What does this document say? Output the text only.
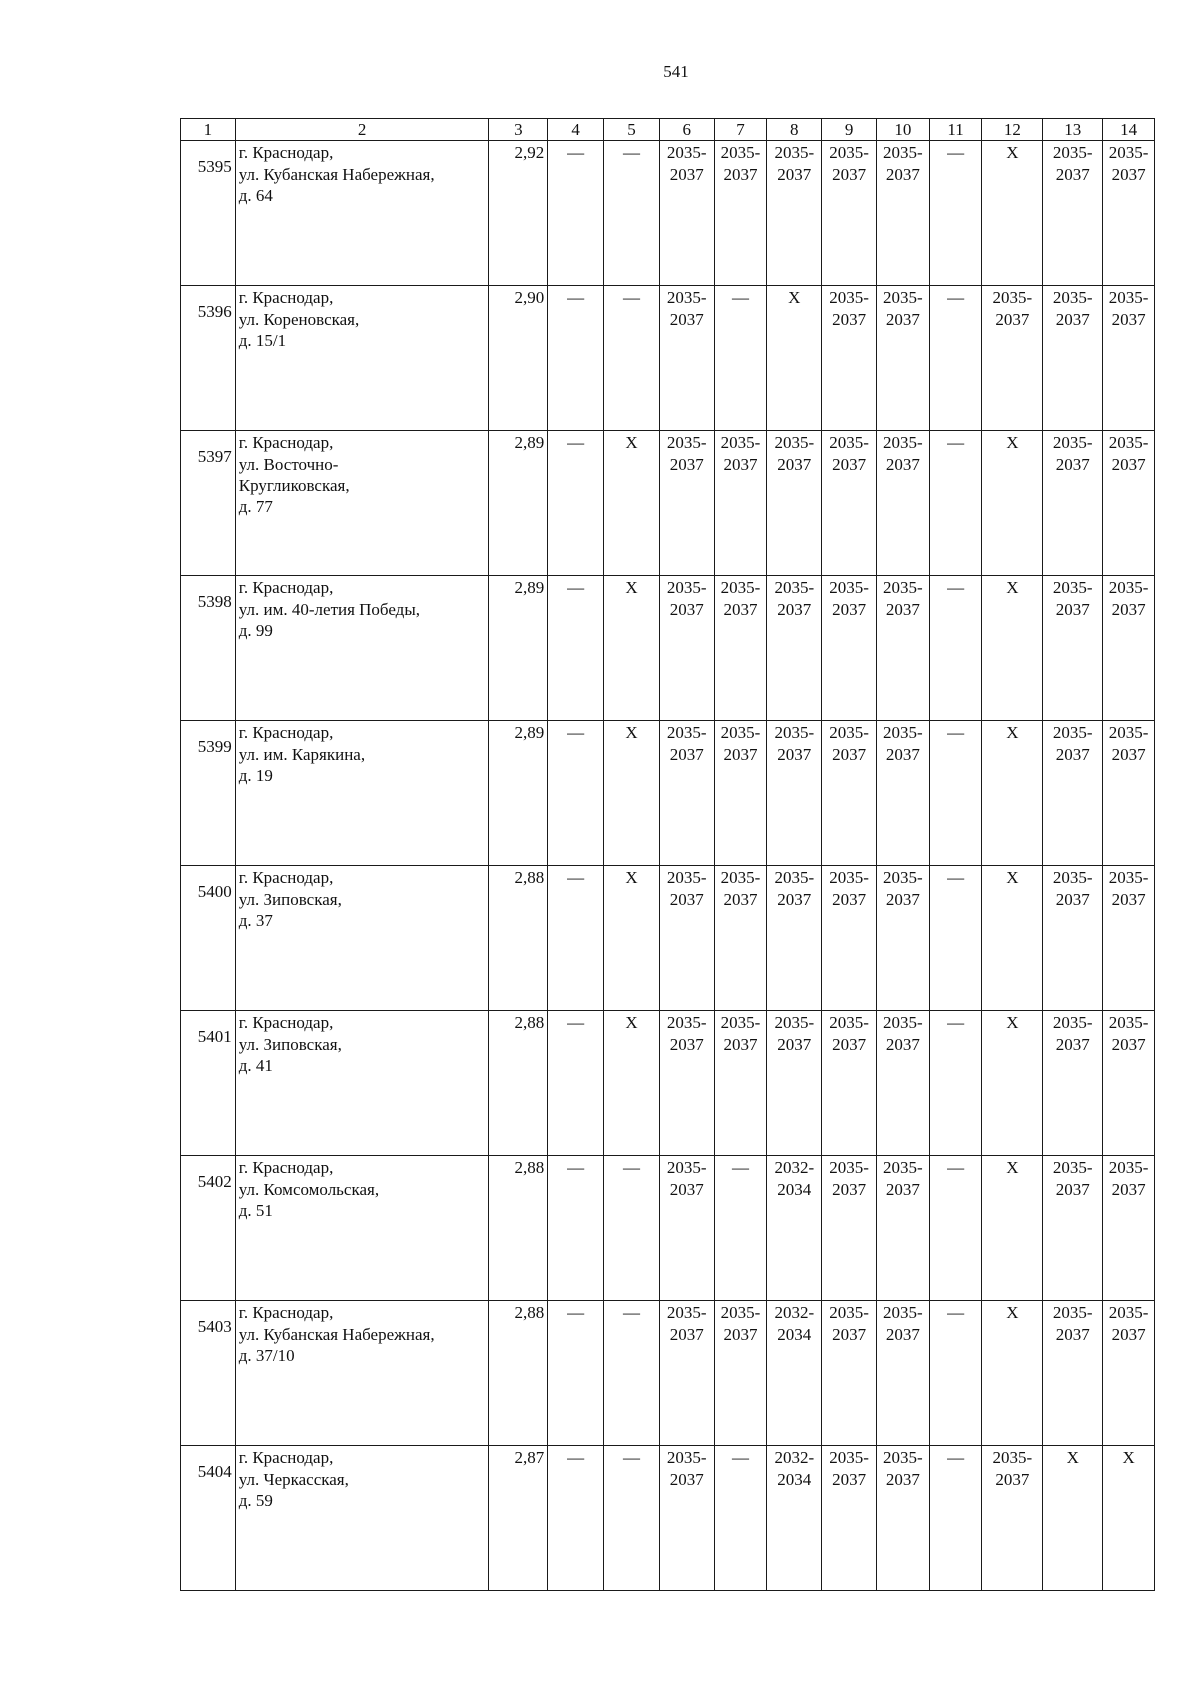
541
1	2	3	4	5	6	7	8	9	10	11	12	13	14
5395	г. Краснодар,
ул. Кубанская Набережная,
д. 64	2,92	—	—	2035-2037	2035-2037	2035-2037	2035-2037	2035-2037	—	Х	2035-2037	2035-2037
5396	г. Краснодар,
ул. Кореновская,
д. 15/1	2,90	—	—	2035-2037	—	Х	2035-2037	2035-2037	—	2035-2037	2035-2037	2035-2037
5397	г. Краснодар,
ул. Восточно-
Кругликовская,
д. 77	2,89	—	Х	2035-2037	2035-2037	2035-2037	2035-2037	2035-2037	—	Х	2035-2037	2035-2037
5398	г. Краснодар,
ул. им. 40-летия Победы,
д. 99	2,89	—	Х	2035-2037	2035-2037	2035-2037	2035-2037	2035-2037	—	Х	2035-2037	2035-2037
5399	г. Краснодар,
ул. им. Карякина,
д. 19	2,89	—	Х	2035-2037	2035-2037	2035-2037	2035-2037	2035-2037	—	Х	2035-2037	2035-2037
5400	г. Краснодар,
ул. Зиповская,
д. 37	2,88	—	Х	2035-2037	2035-2037	2035-2037	2035-2037	2035-2037	—	Х	2035-2037	2035-2037
5401	г. Краснодар,
ул. Зиповская,
д. 41	2,88	—	Х	2035-2037	2035-2037	2035-2037	2035-2037	2035-2037	—	Х	2035-2037	2035-2037
5402	г. Краснодар,
ул. Комсомольская,
д. 51	2,88	—	—	2035-2037	—	2032-2034	2035-2037	2035-2037	—	Х	2035-2037	2035-2037
5403	г. Краснодар,
ул. Кубанская Набережная,
д. 37/10	2,88	—	—	2035-2037	2035-2037	2032-2034	2035-2037	2035-2037	—	Х	2035-2037	2035-2037
5404	г. Краснодар,
ул. Черкасская,
д. 59	2,87	—	—	2035-2037	—	2032-2034	2035-2037	2035-2037	—	2035-2037	Х	Х
